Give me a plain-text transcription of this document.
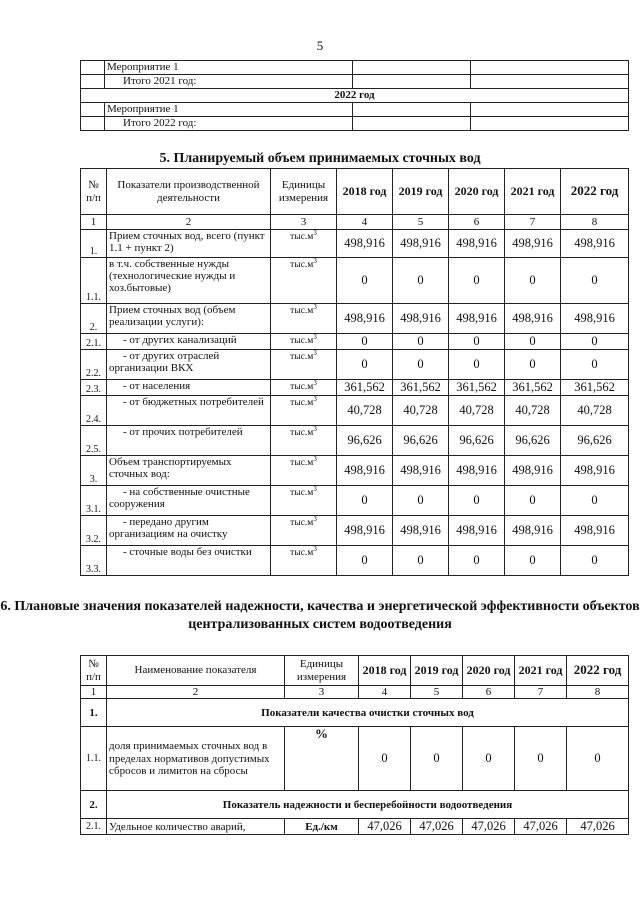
5
	Мероприятие 1		
	Итого 2021 год:		
2022 год			
	Мероприятие 1		
	Итого 2022 год:		
5. Планируемый объем принимаемых сточных вод
№ п/п	Показатели производственной деятельности	Единицы измерения	2018 год	2019 год	2020 год	2021 год	2022 год
1	2	3	4	5	6	7	8
1.	Прием сточных вод, всего (пункт 1.1 + пункт 2)	$тыс.м^3$	498,916	498,916	498,916	498,916	498,916
1.1.	в т.ч. собственные нужды (технологические нужды и хоз.бытовые)	$тыс.м^3$	0	0	0	0	0
2.	Прием сточных вод (объем реализации услуги):	$тыс.м^3$	498,916	498,916	498,916	498,916	498,916
2.1.	- от других канализаций	$тыс.м^3$	0	0	0	0	0
2.2.	- от других отраслей организации ВКХ	$тыс.м^3$	0	0	0	0	0
2.3.	- от населения	$тыс.м^3$	361,562	361,562	361,562	361,562	361,562
2.4.	- от бюджетных потребителей	$тыс.м^3$	40,728	40,728	40,728	40,728	40,728
2.5.	- от прочих потребителей	$тыс.м^3$	96,626	96,626	96,626	96,626	96,626
3.	Объем транспортируемых сточных вод:	$тыс.м^3$	498,916	498,916	498,916	498,916	498,916
3.1.	- на собственные очистные сооружения	$тыс.м^3$	0	0	0	0	0
3.2.	- передано другим организациям на очистку	$тыс.м^3$	498,916	498,916	498,916	498,916	498,916
3.3.	- сточные воды без очистки	$тыс.м^3$	0	0	0	0	0
6. Плановые значения показателей надежности, качества и энергетической эффективности объектов централизованных систем водоотведения
№ п/п	Наименование показателя	Единицы измерения	2018 год	2019 год	2020 год	2021 год	2022 год
1	2	3	4	5	6	7	8
1.	Показатели качества очистки сточных вод						
1.1.	доля принимаемых сточных вод в пределах нормативов допустимых сбросов и лимитов на сбросы	%	0	0	0	0	0
2.	Показатель надежности и бесперебойности водоотведения						
2.1.	Удельное количество аварий,	Ед./км	47,026	47,026	47,026	47,026	47,026
